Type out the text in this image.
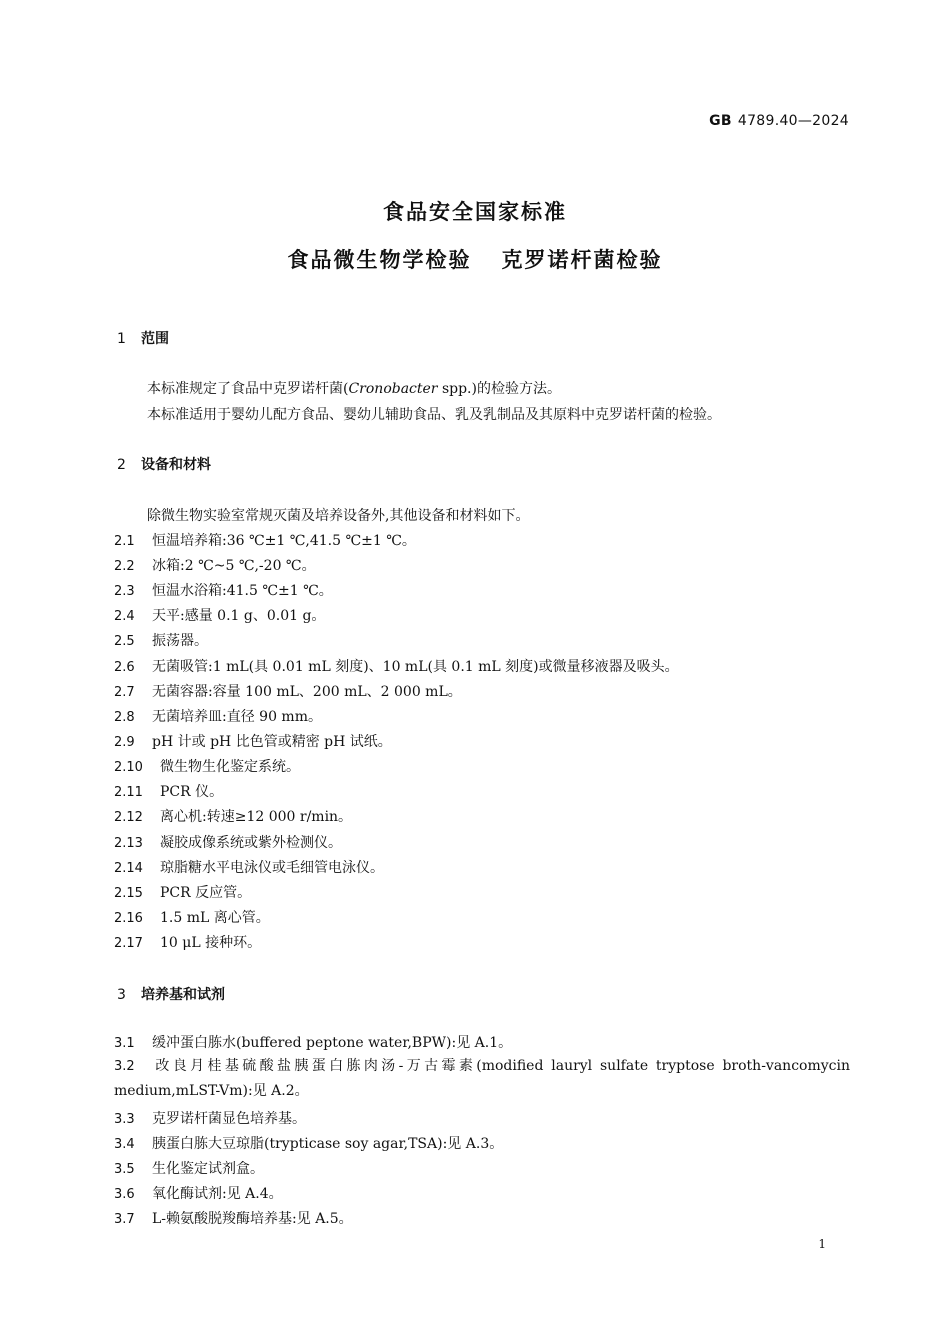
GB 4789.40—2024
食品安全国家标准
食品微生物学检验 克罗诺杆菌检验
1 范围
本标准规定了食品中克罗诺杆菌(Cronobacter spp.)的检验方法。
本标准适用于婴幼儿配方食品、婴幼儿辅助食品、乳及乳制品及其原料中克罗诺杆菌的检验。
2 设备和材料
除微生物实验室常规灭菌及培养设备外,其他设备和材料如下。
2.1 恒温培养箱:36 ℃±1 ℃,41.5 ℃±1 ℃。
2.2 冰箱:2 ℃~5 ℃,-20 ℃。
2.3 恒温水浴箱:41.5 ℃±1 ℃。
2.4 天平:感量 0.1 g、0.01 g。
2.5 振荡器。
2.6 无菌吸管:1 mL(具 0.01 mL 刻度)、10 mL(具 0.1 mL 刻度)或微量移液器及吸头。
2.7 无菌容器:容量 100 mL、200 mL、2 000 mL。
2.8 无菌培养皿:直径 90 mm。
2.9 pH 计或 pH 比色管或精密 pH 试纸。
2.10 微生物生化鉴定系统。
2.11 PCR 仪。
2.12 离心机:转速≥12 000 r/min。
2.13 凝胶成像系统或紫外检测仪。
2.14 琼脂糖水平电泳仪或毛细管电泳仪。
2.15 PCR 反应管。
2.16 1.5 mL 离心管。
2.17 10 μL 接种环。
3 培养基和试剂
3.1 缓冲蛋白胨水(buffered peptone water,BPW):见 A.1。
3.2 改良月桂基硫酸盐胰蛋白胨肉汤-万古霉素(modified lauryl sulfate tryptose broth-vancomycin medium,mLST-Vm):见 A.2。
3.3 克罗诺杆菌显色培养基。
3.4 胰蛋白胨大豆琼脂(trypticase soy agar,TSA):见 A.3。
3.5 生化鉴定试剂盒。
3.6 氧化酶试剂:见 A.4。
3.7 L-赖氨酸脱羧酶培养基:见 A.5。
1
